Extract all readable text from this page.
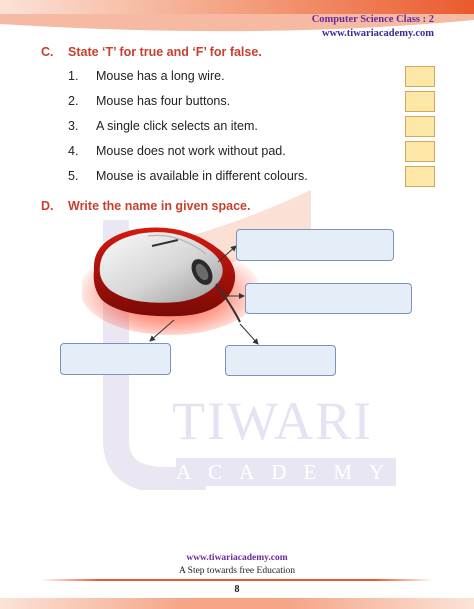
Computer Science Class : 2
www.tiwariacademy.com
TIWARI
ACADEMY
C. State ‘T’ for true and ‘F’ for false.
1. Mouse has a long wire.
2. Mouse has four buttons.
3. A single click selects an item.
4. Mouse does not work without pad.
5. Mouse is available in different colours.
D. Write the name in given space.
www.tiwariacademy.com
A Step towards free Education
8
